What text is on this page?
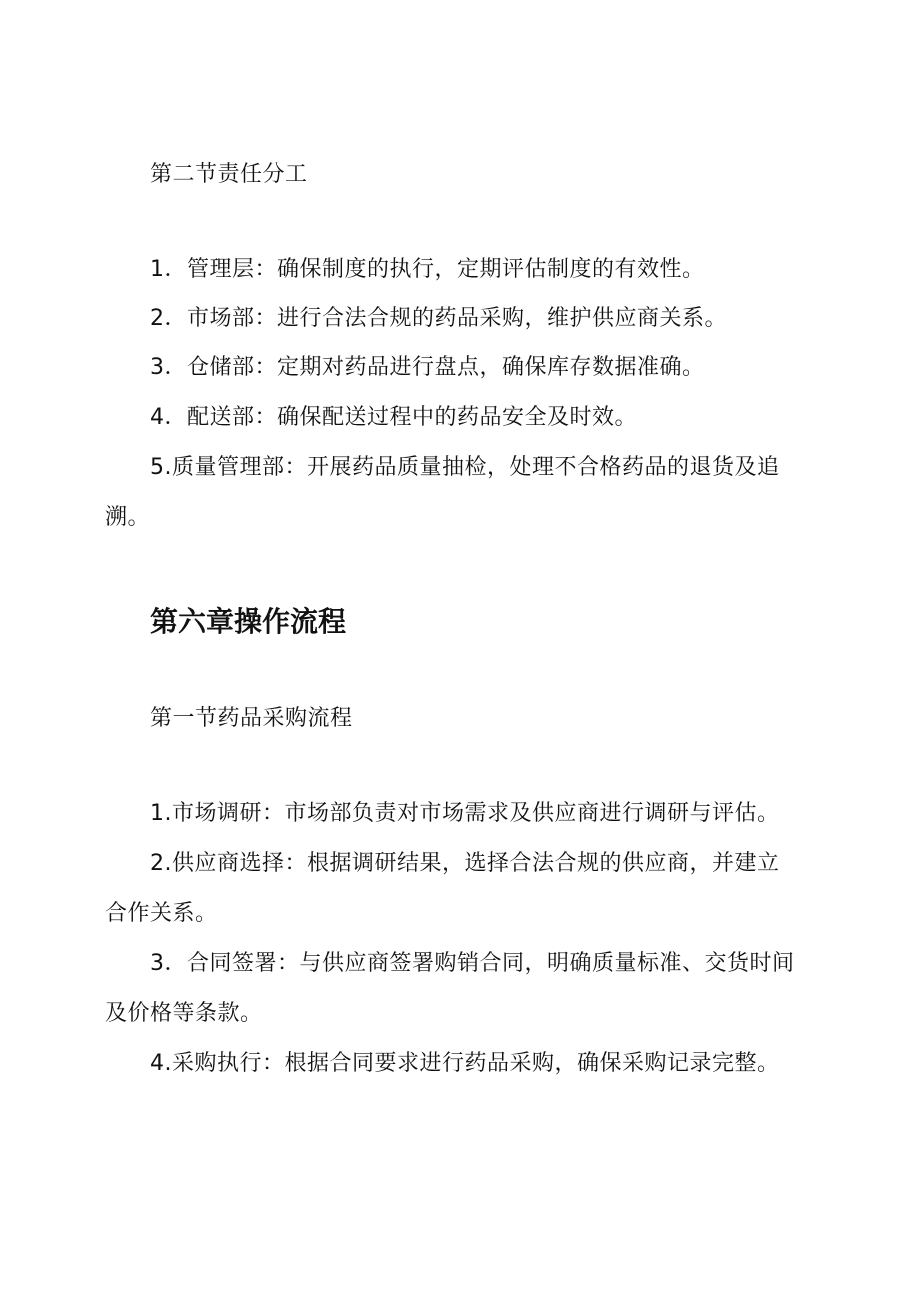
第二节责任分工
1．管理层：确保制度的执行，定期评估制度的有效性。
2．市场部：进行合法合规的药品采购，维护供应商关系。
3．仓储部：定期对药品进行盘点，确保库存数据准确。
4．配送部：确保配送过程中的药品安全及时效。
5.质量管理部：开展药品质量抽检，处理不合格药品的退货及追
溯。
第六章操作流程
第一节药品采购流程
1.市场调研：市场部负责对市场需求及供应商进行调研与评估。
2.供应商选择：根据调研结果，选择合法合规的供应商，并建立
合作关系。
3．合同签署：与供应商签署购销合同，明确质量标准、交货时间
及价格等条款。
4.采购执行：根据合同要求进行药品采购，确保采购记录完整。
